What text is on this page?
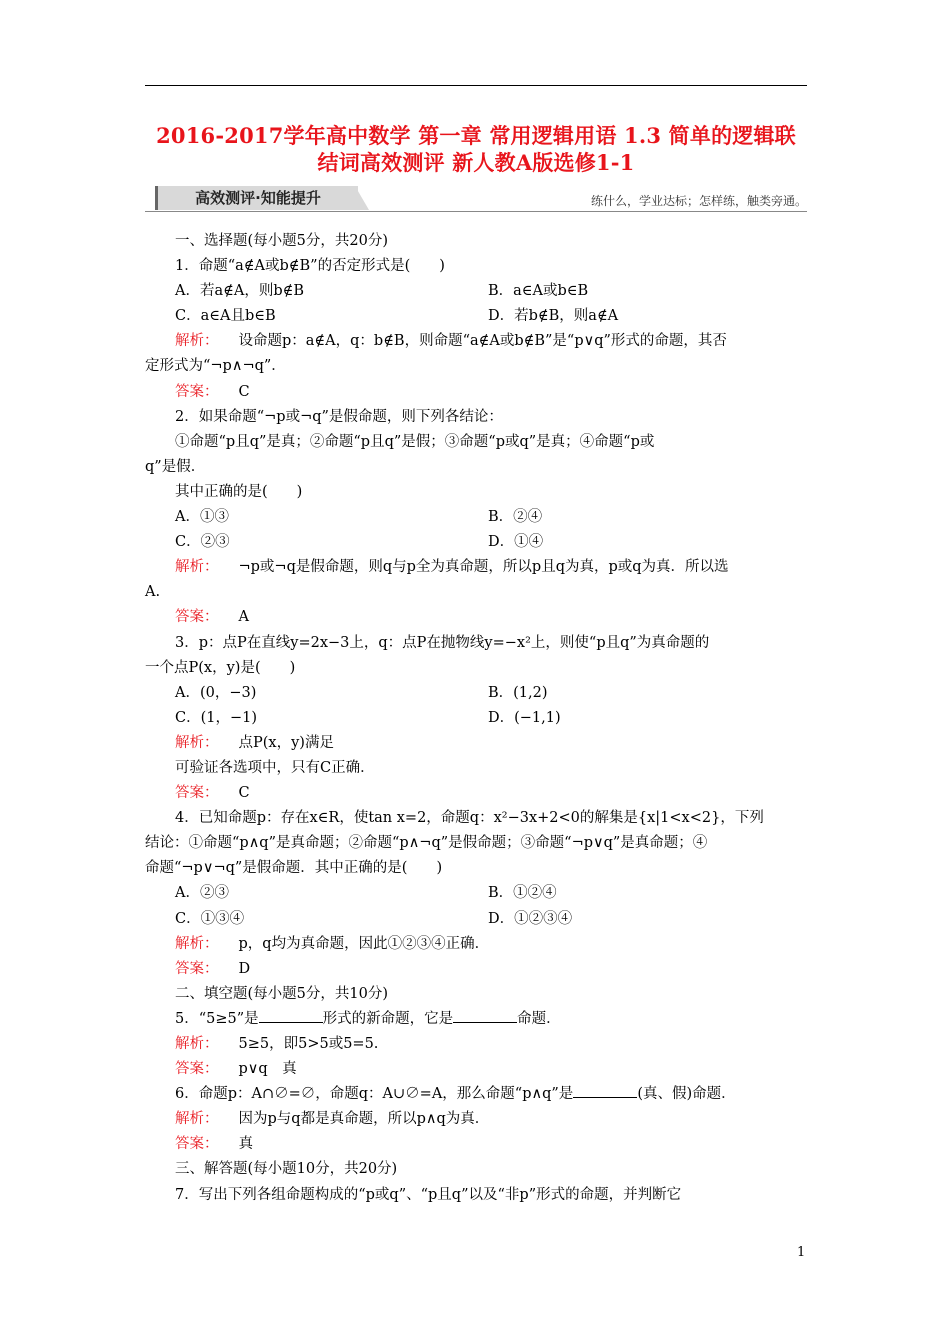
2016-2017学年高中数学 第一章 常用逻辑用语 1.3 简单的逻辑联
结词高效测评 新人教A版选修1-1
高效测评·知能提升	练什么，学业达标；怎样练，触类旁通。
一、选择题(每小题5分，共20分)
1．命题“a∉A或b∉B”的否定形式是(　　)
A．若a∉A，则b∉B	B．a∈A或b∈B
C．a∈A且b∈B	D．若b∉B，则a∉A
解析： 设命题p：a∉A，q：b∉B，则命题“a∉A或b∉B”是“p∨q”形式的命题，其否
定形式为“¬p∧¬q”．
答案： C
2．如果命题“¬p或¬q”是假命题，则下列各结论：
①命题“p且q”是真；②命题“p且q”是假；③命题“p或q”是真；④命题“p或
q”是假．
其中正确的是(　　)
A．①③	B．②④
C．②③	D．①④
解析： ¬p或¬q是假命题，则q与p全为真命题，所以p且q为真，p或q为真．所以选
A.
答案： A
3．p：点P在直线y=2x−3上，q：点P在抛物线y=−x²上，则使“p且q”为真命题的
一个点P(x，y)是(　　)
A．(0，−3)	B．(1,2)
C．(1，−1)	D．(−1,1)
解析： 点P(x，y)满足
可验证各选项中，只有C正确．
答案： C
4．已知命题p：存在x∈R，使tan x=2，命题q：x²−3x+2<0的解集是{x|1<x<2}，下列
结论：①命题“p∧q”是真命题；②命题“p∧¬q”是假命题；③命题“¬p∨q”是真命题；④
命题“¬p∨¬q”是假命题．其中正确的是(　　)
A．②③	B．①②④
C．①③④	D．①②③④
解析： p，q均为真命题，因此①②③④正确．
答案： D
二、填空题(每小题5分，共10分)
5．“5≥5”是	形式的新命题，它是	命题．
解析： 5≥5，即5>5或5=5.
答案： p∨q　真
6．命题p：A∩∅=∅，命题q：A∪∅=A，那么命题“p∧q”是	(真、假)命题．
解析： 因为p与q都是真命题，所以p∧q为真．
答案： 真
三、解答题(每小题10分，共20分)
7．写出下列各组命题构成的“p或q”、“p且q”以及“非p”形式的命题，并判断它
1
